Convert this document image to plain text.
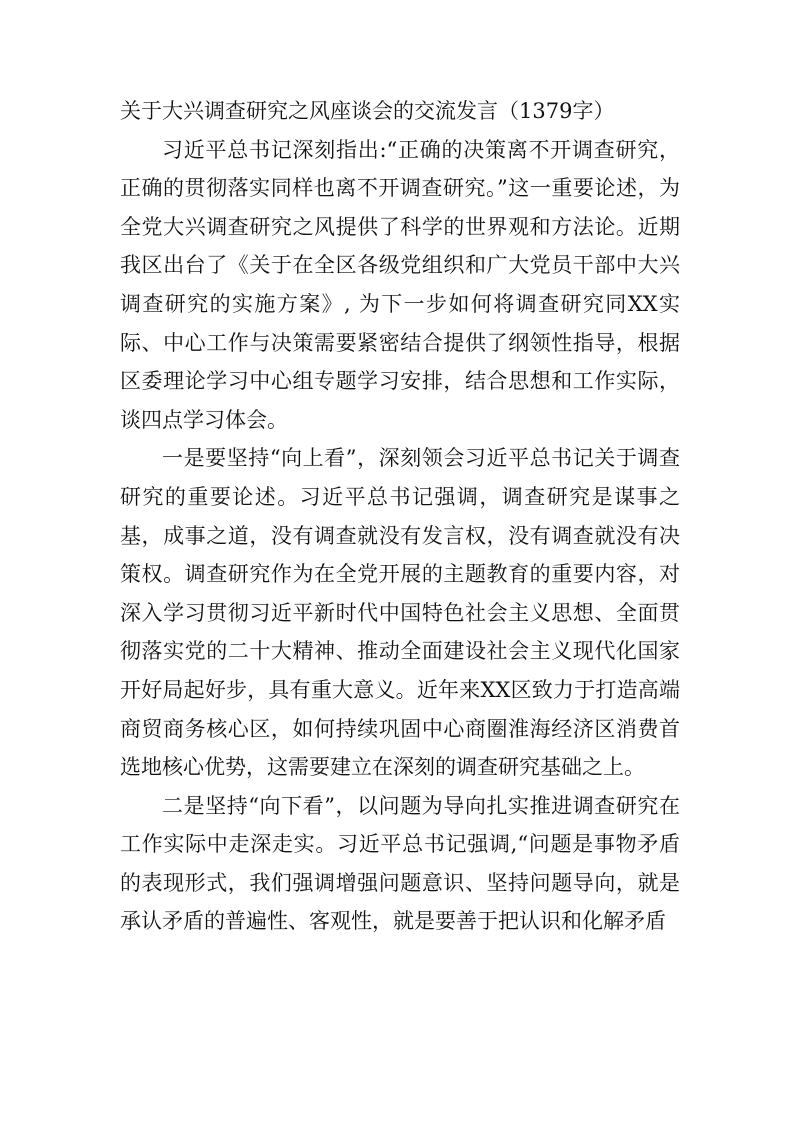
关于大兴调查研究之风座谈会的交流发言（1379字）

习近平总书记深刻指出:“正确的决策离不开调查研究，正确的贯彻落实同样也离不开调查研究。”这一重要论述，为全党大兴调查研究之风提供了科学的世界观和方法论。近期我区出台了《关于在全区各级党组织和广大党员干部中大兴调查研究的实施方案》, 为下一步如何将调查研究同XX实际、中心工作与决策需要紧密结合提供了纲领性指导，根据区委理论学习中心组专题学习安排，结合思想和工作实际，谈四点学习体会。

一是要坚持“向上看”，深刻领会习近平总书记关于调查研究的重要论述。习近平总书记强调，调查研究是谋事之基，成事之道，没有调查就没有发言权，没有调查就没有决策权。调查研究作为在全党开展的主题教育的重要内容，对深入学习贯彻习近平新时代中国特色社会主义思想、全面贯彻落实党的二十大精神、推动全面建设社会主义现代化国家开好局起好步，具有重大意义。近年来XX区致力于打造高端商贸商务核心区，如何持续巩固中心商圈淮海经济区消费首选地核心优势，这需要建立在深刻的调查研究基础之上。

二是坚持“向下看”，以问题为导向扎实推进调查研究在工作实际中走深走实。习近平总书记强调,“问题是事物矛盾的表现形式，我们强调增强问题意识、坚持问题导向，就是承认矛盾的普遍性、客观性，就是要善于把认识和化解矛盾
